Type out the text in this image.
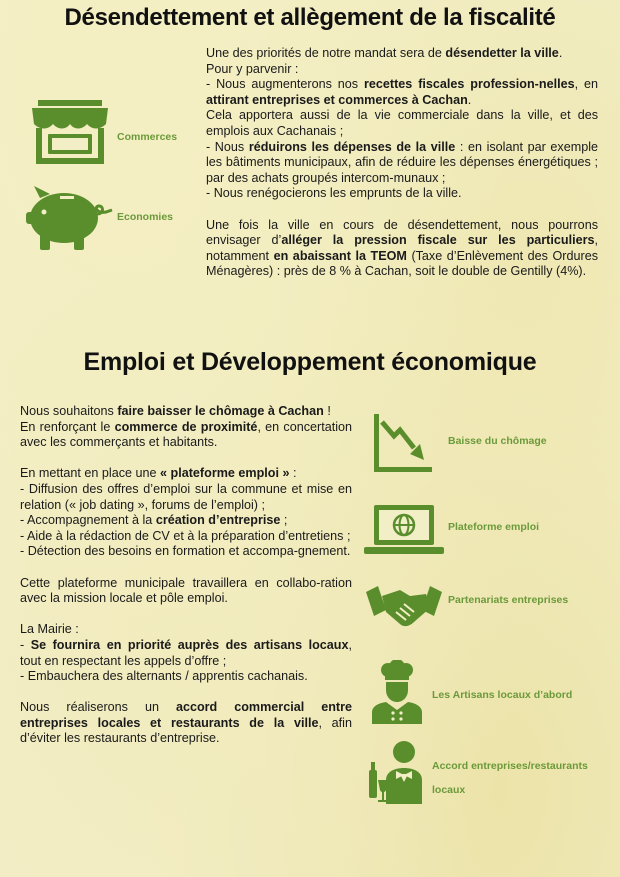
Désendettement et allègement de la fiscalité
Commerces
Economies

Une des priorités de notre mandat sera de désendetter la ville.

Pour y parvenir :

- Nous augmenterons nos recettes fiscales profession-nelles, en attirant entreprises et commerces à Cachan.

Cela apportera aussi de la vie commerciale dans la ville, et des emplois aux Cachanais ;

- Nous réduirons les dépenses de la ville : en isolant par exemple les bâtiments municipaux, afin de réduire les dépenses énergétiques ; par des achats groupés intercom-munaux ;

- Nous renégocierons les emprunts de la ville.

Une fois la ville en cours de désendettement, nous pourrons envisager d’alléger la pression fiscale sur les particuliers, notamment en abaissant la TEOM (Taxe d’Enlèvement des Ordures Ménagères) : près de 8 % à Cachan, soit le double de Gentilly (4%).

Emploi et Développement économique

Nous souhaitons faire baisser le chômage à Cachan !

En renforçant le commerce de proximité, en concertation avec les commerçants et habitants.

En mettant en place une « plateforme emploi » :

- Diffusion des offres d’emploi sur la commune et mise en relation (« job dating », forums de l’emploi) ;

- Accompagnement à la création d’entreprise ;

- Aide à la rédaction de CV et à la préparation d’entretiens ;

- Détection des besoins en formation et accompa-gnement.

Cette plateforme municipale travaillera en collabo-ration avec la mission locale et pôle emploi.

La Mairie :

- Se fournira en priorité auprès des artisans locaux, tout en respectant les appels d’offre ;

- Embauchera des alternants / apprentis cachanais.

Nous réaliserons un accord commercial entre entreprises locales et restaurants de la ville, afin d’éviter les restaurants d’entreprise.

Baisse du chômage
Plateforme emploi
Partenariats entreprises
Les Artisans locaux d’abord
Accord entreprises/restaurants
locaux
